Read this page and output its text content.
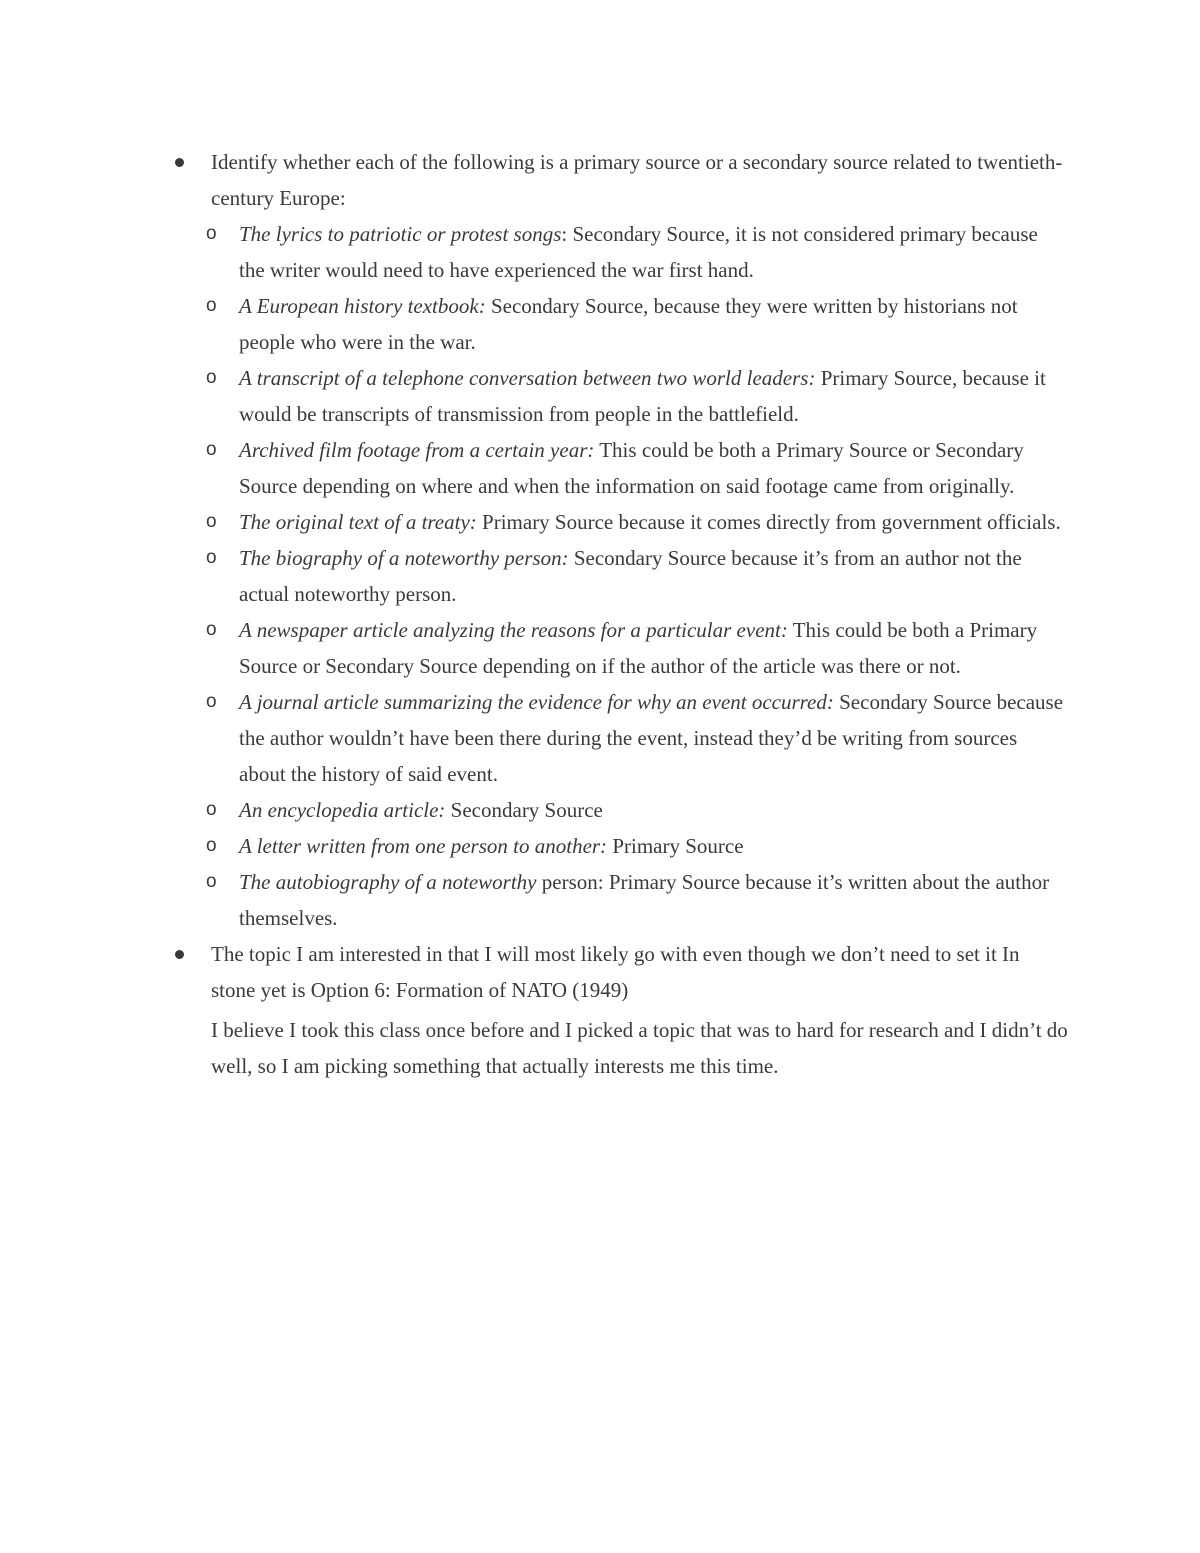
Identify whether each of the following is a primary source or a secondary source related to twentieth-century Europe:
o The lyrics to patriotic or protest songs: Secondary Source, it is not considered primary because the writer would need to have experienced the war first hand.
o A European history textbook: Secondary Source, because they were written by historians not people who were in the war.
o A transcript of a telephone conversation between two world leaders: Primary Source, because it would be transcripts of transmission from people in the battlefield.
o Archived film footage from a certain year: This could be both a Primary Source or Secondary Source depending on where and when the information on said footage came from originally.
o The original text of a treaty: Primary Source because it comes directly from government officials.
o The biography of a noteworthy person: Secondary Source because it’s from an author not the actual noteworthy person.
o A newspaper article analyzing the reasons for a particular event: This could be both a Primary Source or Secondary Source depending on if the author of the article was there or not.
o A journal article summarizing the evidence for why an event occurred: Secondary Source because the author wouldn’t have been there during the event, instead they’d be writing from sources about the history of said event.
o An encyclopedia article: Secondary Source
o A letter written from one person to another: Primary Source
o The autobiography of a noteworthy person: Primary Source because it’s written about the author themselves.
The topic I am interested in that I will most likely go with even though we don’t need to set it In stone yet is Option 6: Formation of NATO (1949)
I believe I took this class once before and I picked a topic that was to hard for research and I didn’t do well, so I am picking something that actually interests me this time.
